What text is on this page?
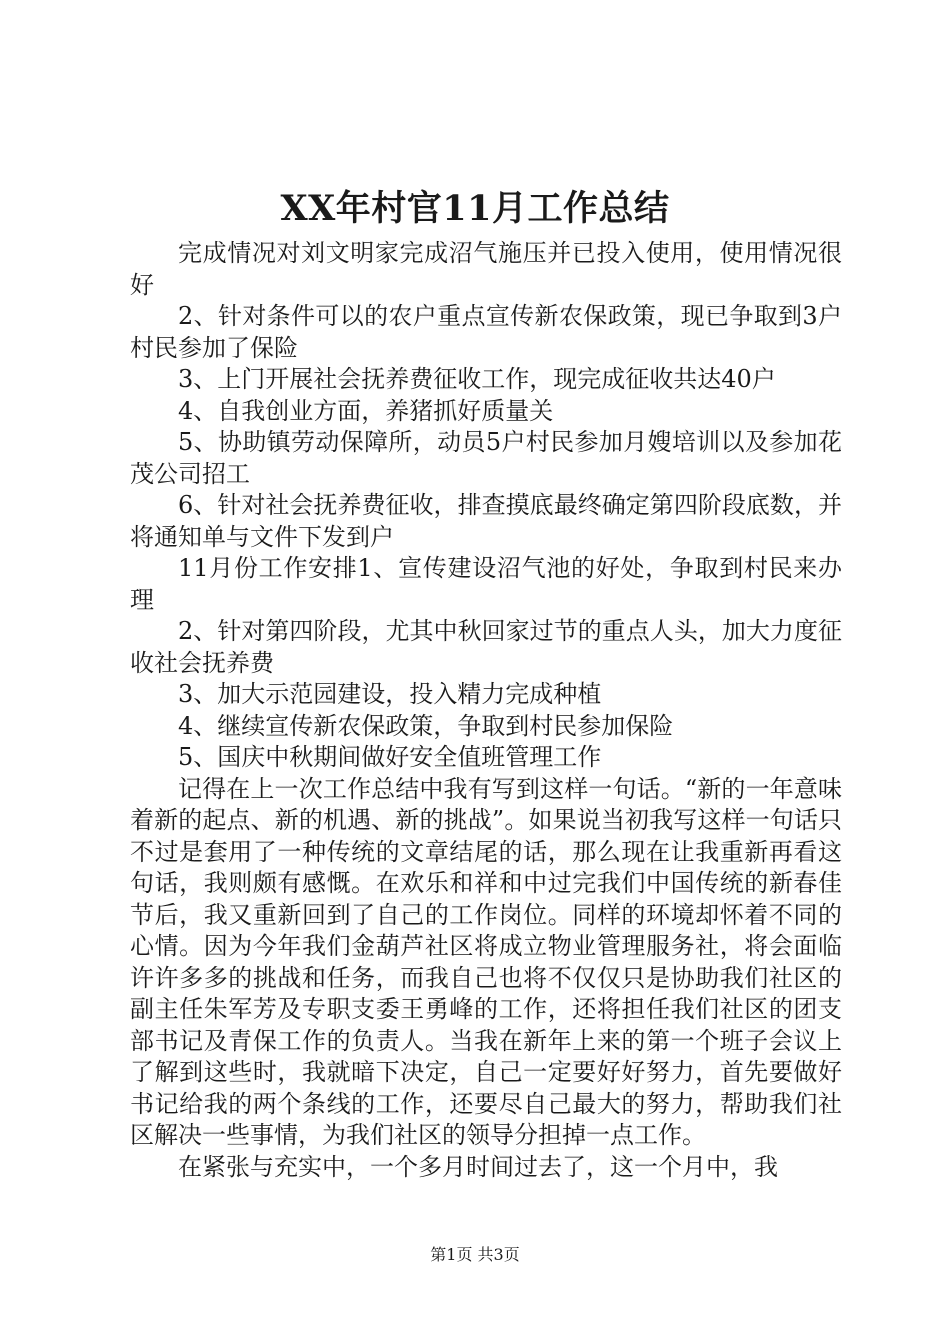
XX年村官11月工作总结

完成情况对刘文明家完成沼气施压并已投入使用，使用情况很好

2、针对条件可以的农户重点宣传新农保政策，现已争取到3户村民参加了保险

3、上门开展社会抚养费征收工作，现完成征收共达40户

4、自我创业方面，养猪抓好质量关

5、协助镇劳动保障所，动员5户村民参加月嫂培训以及参加花茂公司招工

6、针对社会抚养费征收，排查摸底最终确定第四阶段底数，并将通知单与文件下发到户

11月份工作安排1、宣传建设沼气池的好处，争取到村民来办理

2、针对第四阶段，尤其中秋回家过节的重点人头，加大力度征收社会抚养费

3、加大示范园建设，投入精力完成种植

4、继续宣传新农保政策，争取到村民参加保险

5、国庆中秋期间做好安全值班管理工作

记得在上一次工作总结中我有写到这样一句话。“新的一年意味着新的起点、新的机遇、新的挑战”。如果说当初我写这样一句话只不过是套用了一种传统的文章结尾的话，那么现在让我重新再看这句话，我则颇有感慨。在欢乐和祥和中过完我们中国传统的新春佳节后，我又重新回到了自己的工作岗位。同样的环境却怀着不同的心情。因为今年我们金葫芦社区将成立物业管理服务社，将会面临许许多多的挑战和任务，而我自己也将不仅仅只是协助我们社区的副主任朱军芳及专职支委王勇峰的工作，还将担任我们社区的团支部书记及青保工作的负责人。当我在新年上来的第一个班子会议上了解到这些时，我就暗下决定，自己一定要好好努力，首先要做好书记给我的两个条线的工作，还要尽自己最大的努力，帮助我们社区解决一些事情，为我们社区的领导分担掉一点工作。

在紧张与充实中，一个多月时间过去了，这一个月中，我

第1页 共3页
